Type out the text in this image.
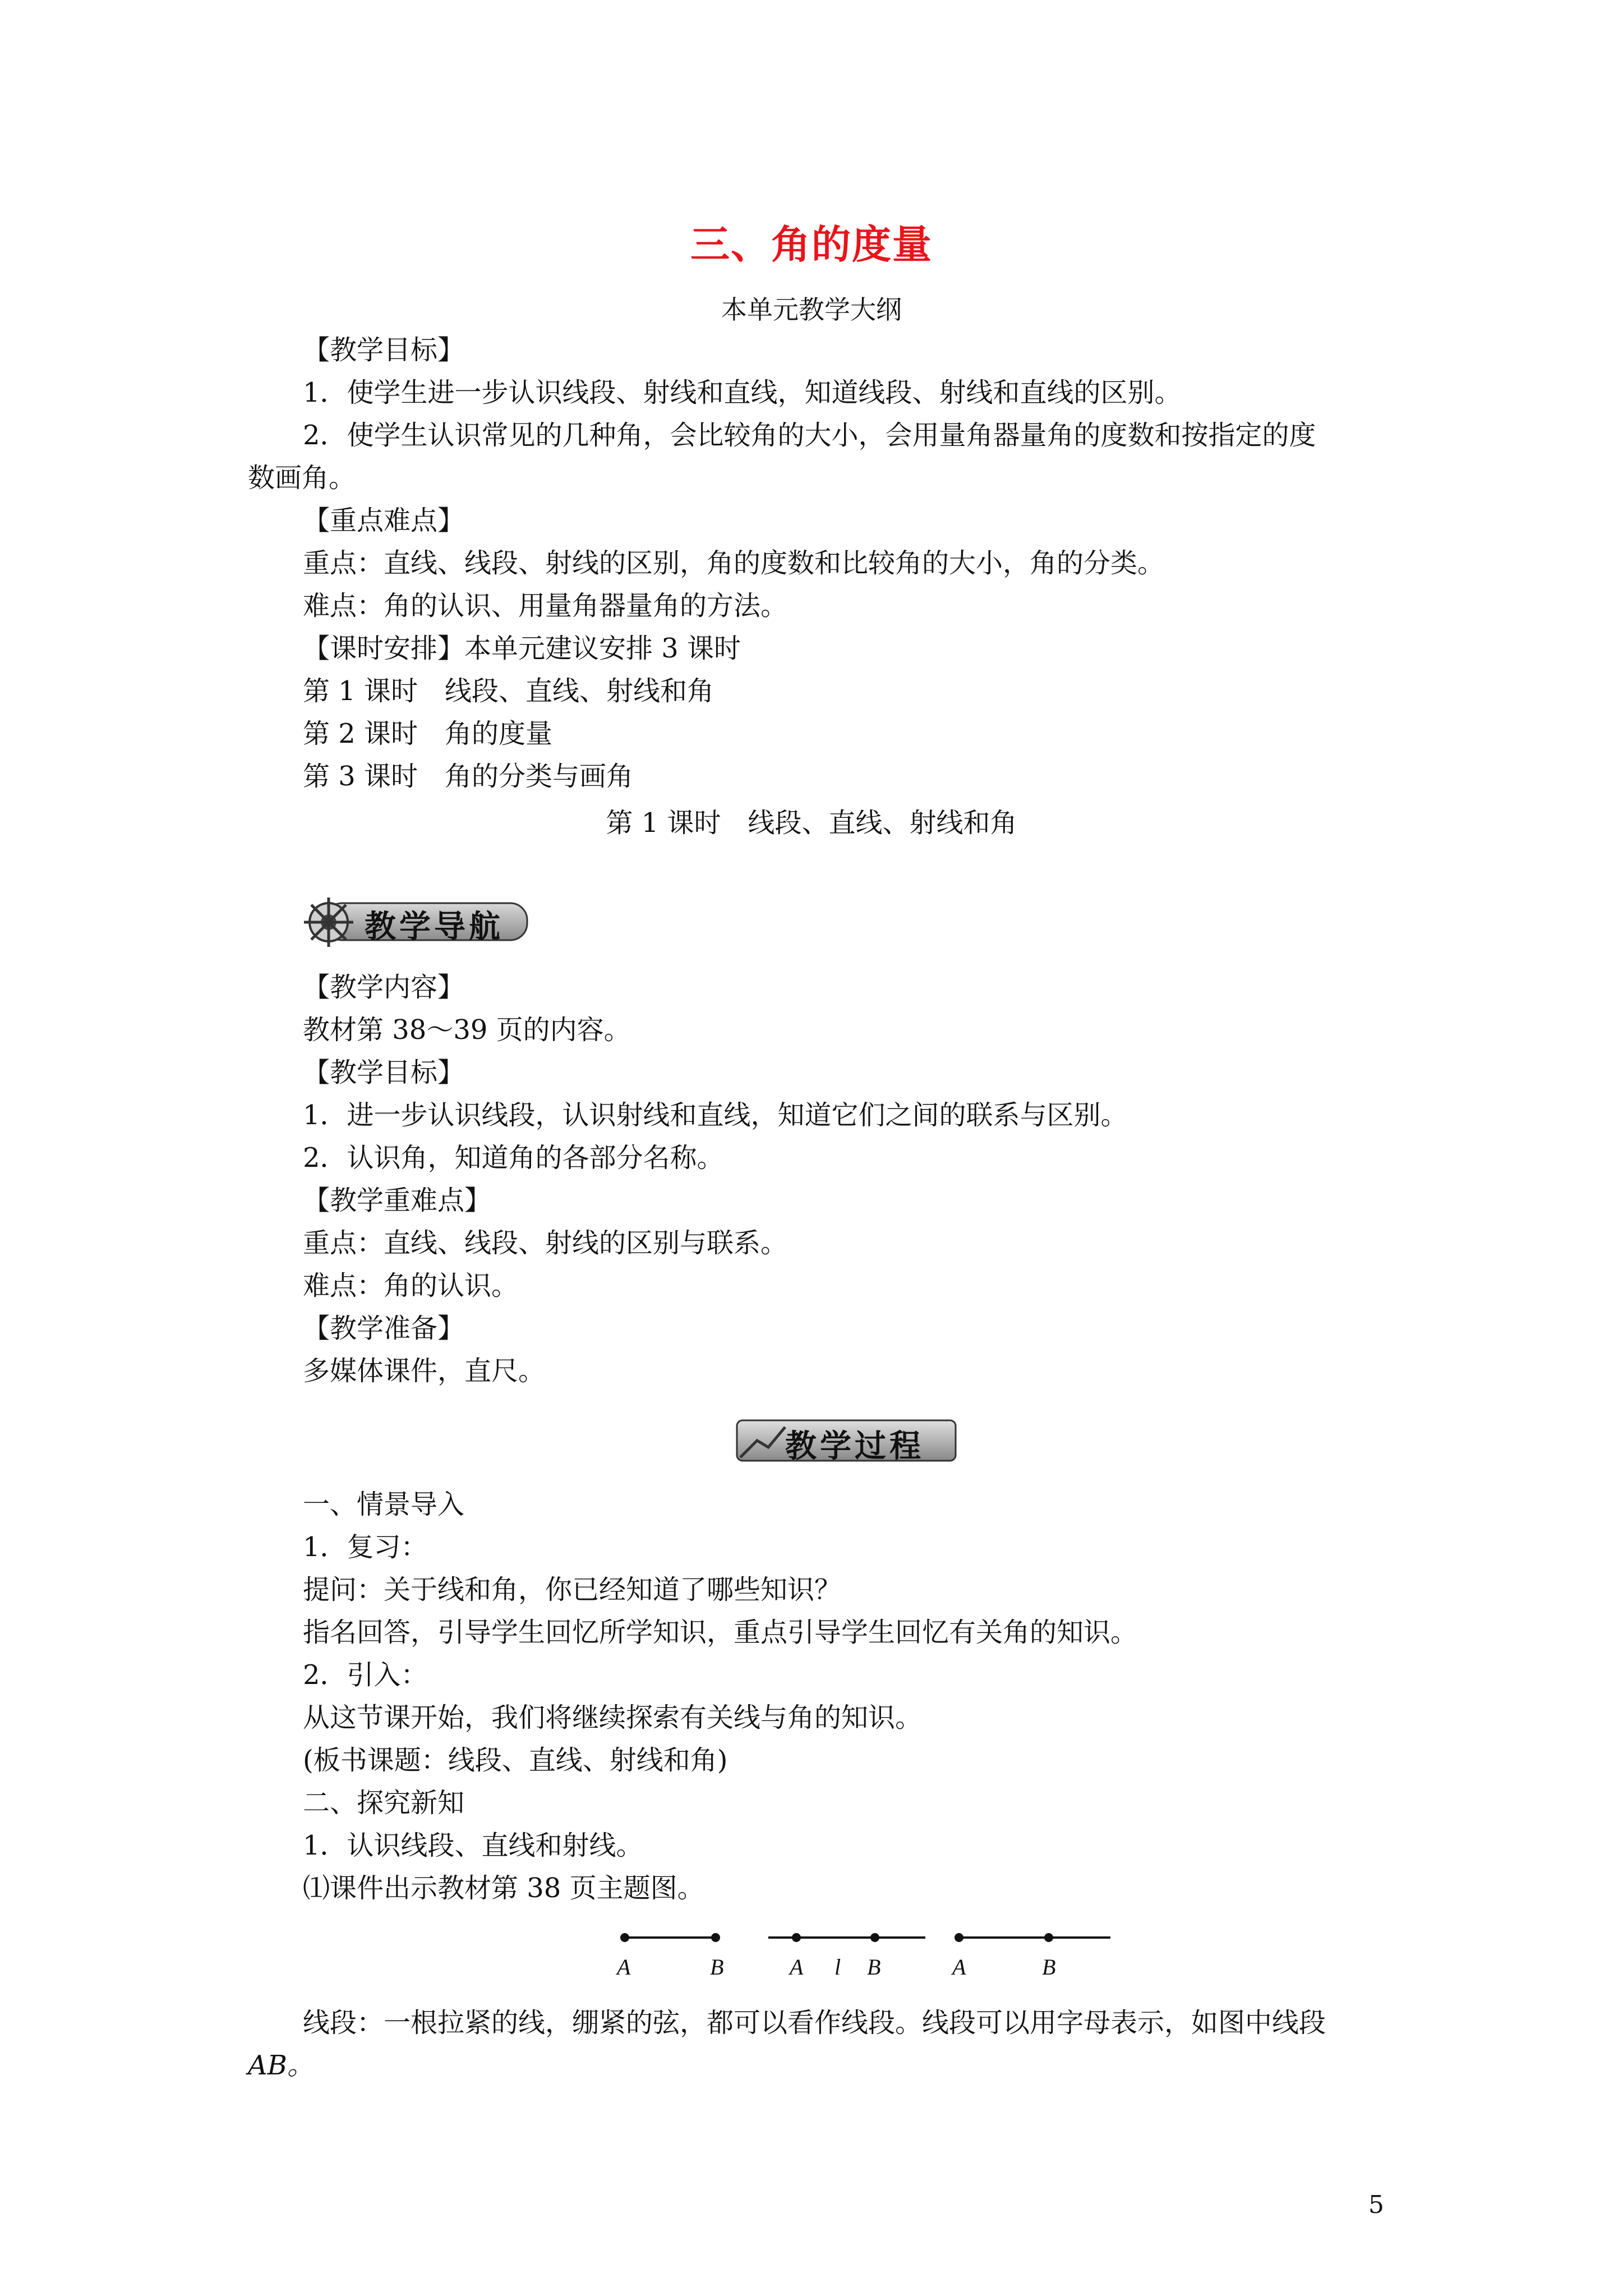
三、角的度量
本单元教学大纲
【教学目标】
1．使学生进一步认识线段、射线和直线，知道线段、射线和直线的区别。
2．使学生认识常见的几种角，会比较角的大小，会用量角器量角的度数和按指定的度
数画角。
【重点难点】
重点：直线、线段、射线的区别，角的度数和比较角的大小，角的分类。
难点：角的认识、用量角器量角的方法。
【课时安排】本单元建议安排 3 课时
第 1 课时　线段、直线、射线和角
第 2 课时　角的度量
第 3 课时　角的分类与画角
第 1 课时　线段、直线、射线和角
教学导航
【教学内容】
教材第 38～39 页的内容。
【教学目标】
1．进一步认识线段，认识射线和直线，知道它们之间的联系与区别。
2．认识角，知道角的各部分名称。
【教学重难点】
重点：直线、线段、射线的区别与联系。
难点：角的认识。
【教学准备】
多媒体课件，直尺。
教学过程
一、情景导入
1．复习：
提问：关于线和角，你已经知道了哪些知识？
指名回答，引导学生回忆所学知识，重点引导学生回忆有关角的知识。
2．引入：
从这节课开始，我们将继续探索有关线与角的知识。
(板书课题：线段、直线、射线和角)
二、探究新知
1．认识线段、直线和射线。
⑴课件出示教材第 38 页主题图。
A	B	A l B	A	B
线段：一根拉紧的线，绷紧的弦，都可以看作线段。线段可以用字母表示，如图中线段
AB。
5
